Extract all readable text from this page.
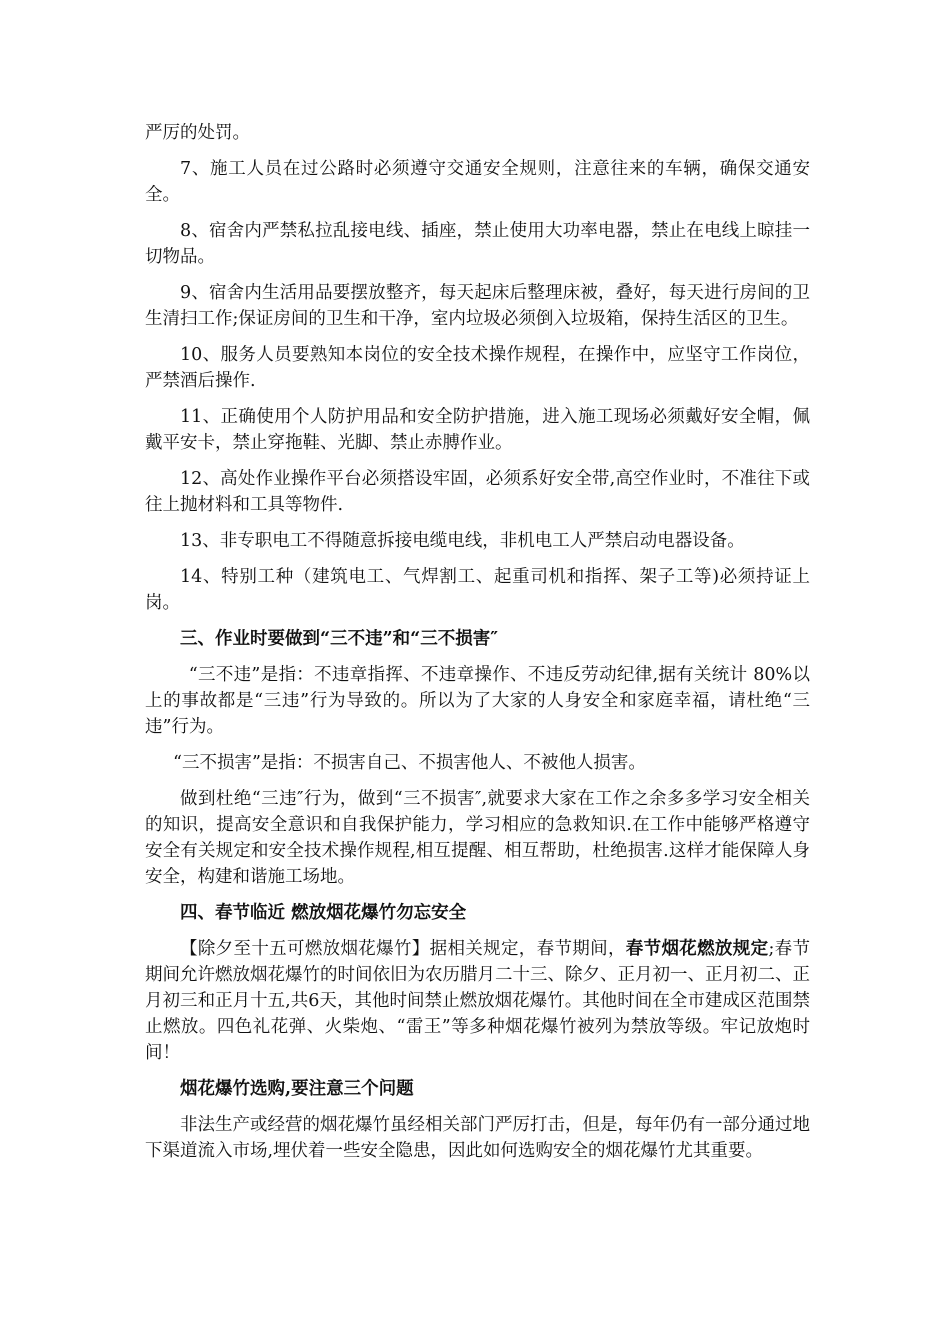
严厉的处罚。

7、施工人员在过公路时必须遵守交通安全规则，注意往来的车辆，确保交通安全。

8、宿舍内严禁私拉乱接电线、插座，禁止使用大功率电器，禁止在电线上晾挂一切物品。

9、宿舍内生活用品要摆放整齐，每天起床后整理床被，叠好，每天进行房间的卫生清扫工作;保证房间的卫生和干净，室内垃圾必须倒入垃圾箱，保持生活区的卫生。

10、服务人员要熟知本岗位的安全技术操作规程，在操作中，应坚守工作岗位，严禁酒后操作.

11、正确使用个人防护用品和安全防护措施，进入施工现场必须戴好安全帽，佩戴平安卡，禁止穿拖鞋、光脚、禁止赤膊作业。

12、高处作业操作平台必须搭设牢固，必须系好安全带,高空作业时，不准往下或往上抛材料和工具等物件.

13、非专职电工不得随意拆接电缆电线，非机电工人严禁启动电器设备。

14、特别工种（建筑电工、气焊割工、起重司机和指挥、架子工等)必须持证上岗。

三、作业时要做到“三不违”和“三不损害″

“三不违”是指：不违章指挥、不违章操作、不违反劳动纪律,据有关统计 80%以上的事故都是“三违”行为导致的。所以为了大家的人身安全和家庭幸福，请杜绝“三违”行为。

“三不损害”是指：不损害自己、不损害他人、不被他人损害。

做到杜绝“三违″行为，做到“三不损害″,就要求大家在工作之余多多学习安全相关的知识，提高安全意识和自我保护能力，学习相应的急救知识.在工作中能够严格遵守安全有关规定和安全技术操作规程,相互提醒、相互帮助，杜绝损害.这样才能保障人身安全，构建和谐施工场地。

四、春节临近 燃放烟花爆竹勿忘安全

【除夕至十五可燃放烟花爆竹】据相关规定，春节期间，春节烟花燃放规定;春节期间允许燃放烟花爆竹的时间依旧为农历腊月二十三、除夕、正月初一、正月初二、正月初三和正月十五,共6天，其他时间禁止燃放烟花爆竹。其他时间在全市建成区范围禁止燃放。四色礼花弹、火柴炮、“雷王”等多种烟花爆竹被列为禁放等级。牢记放炮时间！

烟花爆竹选购,要注意三个问题

非法生产或经营的烟花爆竹虽经相关部门严厉打击，但是，每年仍有一部分通过地下渠道流入市场,埋伏着一些安全隐患，因此如何选购安全的烟花爆竹尤其重要。
